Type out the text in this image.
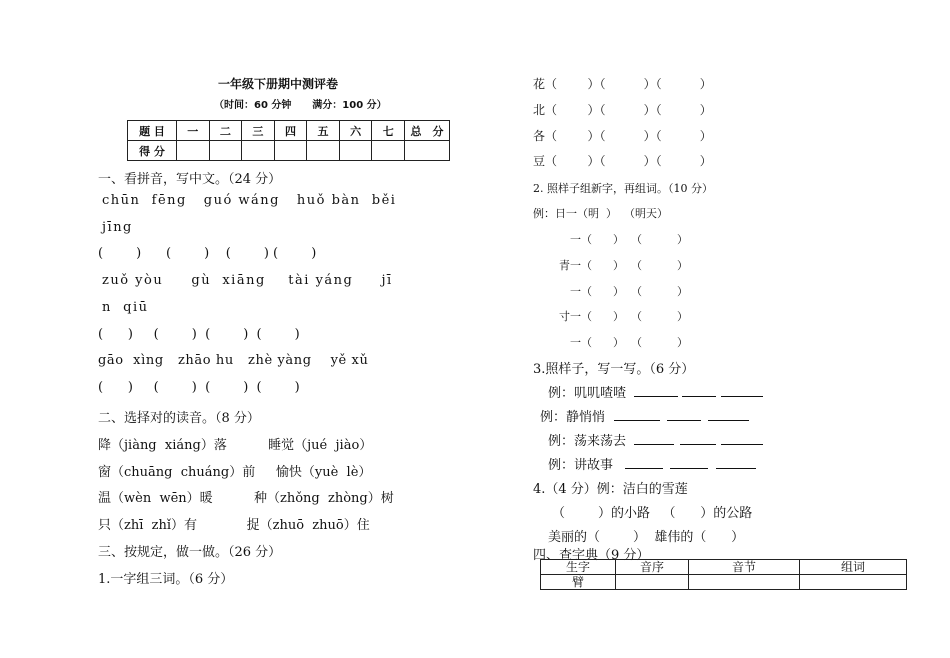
一年级下册期中测评卷
（时间：60 分钟      满分：100 分）
题 目	一	二	三	四	五	六	七	总　分
得 分								
一、看拼音，写中文。（24 分）
chūn  fēng   guó wáng   huǒ bàn  běi
jīng
(        )      (        )    (        ) (        )
zuǒ yòu     gù  xiāng    tài yáng     jī
n  qiū
(      )     (        )  (        )  (        )
gāo  xìng   zhāo hu   zhè yàng    yě xǔ
(      )     (        )  (        )  (        )
二、选择对的读音。（8 分）
降（jiàng  xiáng）落          睡觉（jué  jiào）
窗（chuāng  chuáng）前     愉快（yuè  lè）
温（wèn  wēn）暖          种（zhǒng  zhòng）树
只（zhī  zhǐ）有            捉（zhuō  zhuō）住
三、按规定，做一做。（26 分）
1.一字组三词。（6 分）
花（        ）（          ）（          ）
北（        ）（          ）（          ）
各（        ）（          ）（          ）
豆（        ）（          ）（          ）
2. 照样子组新字，再组词。（10 分）
例：日一（明  ）  （明天）
一（      ）  （          ）
青一（      ）  （          ）
一（      ）  （          ）
寸一（      ）  （          ）
一（      ）  （          ）
3.照样子，写一写。（6 分）
例：叽叽喳喳
例：静悄悄
例：荡来荡去
例：讲故事
4.（4 分）例：洁白的雪莲
（        ）的小路   （      ）的公路
美丽的（        ）  雄伟的（      ）
四、查字典（9 分）
生字	音序	音节	组词
臂			
